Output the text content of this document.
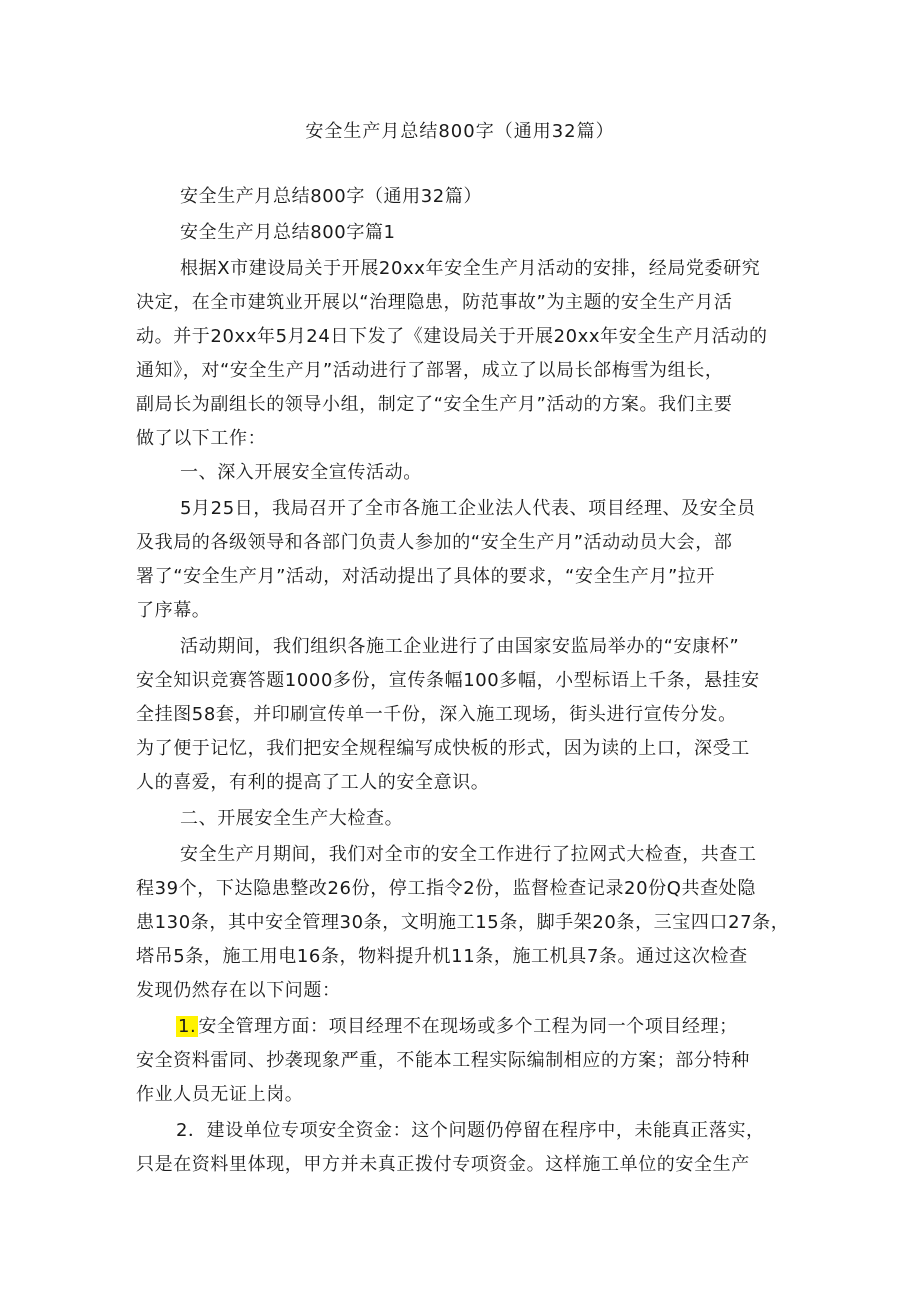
安全生产月总结800字（通用32篇）
安全生产月总结800字（通用32篇）
安全生产月总结800字篇1
根据X市建设局关于开展20xx年安全生产月活动的安排，经局党委研究
决定，在全市建筑业开展以“治理隐患，防范事故”为主题的安全生产月活
动。并于20xx年5月24日下发了《建设局关于开展20xx年安全生产月活动的
通知》，对“安全生产月”活动进行了部署，成立了以局长郃梅雪为组长，
副局长为副组长的领导小组，制定了“安全生产月”活动的方案。我们主要
做了以下工作：
一、深入开展安全宣传活动。
5月25日，我局召开了全市各施工企业法人代表、项目经理、及安全员
及我局的各级领导和各部门负责人参加的“安全生产月”活动动员大会，部
署了“安全生产月”活动，对活动提出了具体的要求，“安全生产月”拉开
了序幕。
活动期间，我们组织各施工企业进行了由国家安监局举办的“安康杯”
安全知识竞赛答题1000多份，宣传条幅100多幅，小型标语上千条，悬挂安
全挂图58套，并印刷宣传单一千份，深入施工现场，街头进行宣传分发。
为了便于记忆，我们把安全规程编写成快板的形式，因为读的上口，深受工
人的喜爱，有利的提高了工人的安全意识。
二、开展安全生产大检查。
安全生产月期间，我们对全市的安全工作进行了拉网式大检查，共查工
程39个，下达隐患整改26份，停工指令2份，监督检查记录20份Q共查处隐
患130条，其中安全管理30条，文明施工15条，脚手架20条，三宝四口27条，
塔吊5条，施工用电16条，物料提升机11条，施工机具7条。通过这次检查
发现仍然存在以下问题：
1. 安全管理方面：项目经理不在现场或多个工程为同一个项目经理；
安全资料雷同、抄袭现象严重，不能本工程实际编制相应的方案；部分特种
作业人员无证上岗。
2．建设单位专项安全资金：这个问题仍停留在程序中，未能真正落实，
只是在资料里体现，甲方并未真正拨付专项资金。这样施工单位的安全生产
